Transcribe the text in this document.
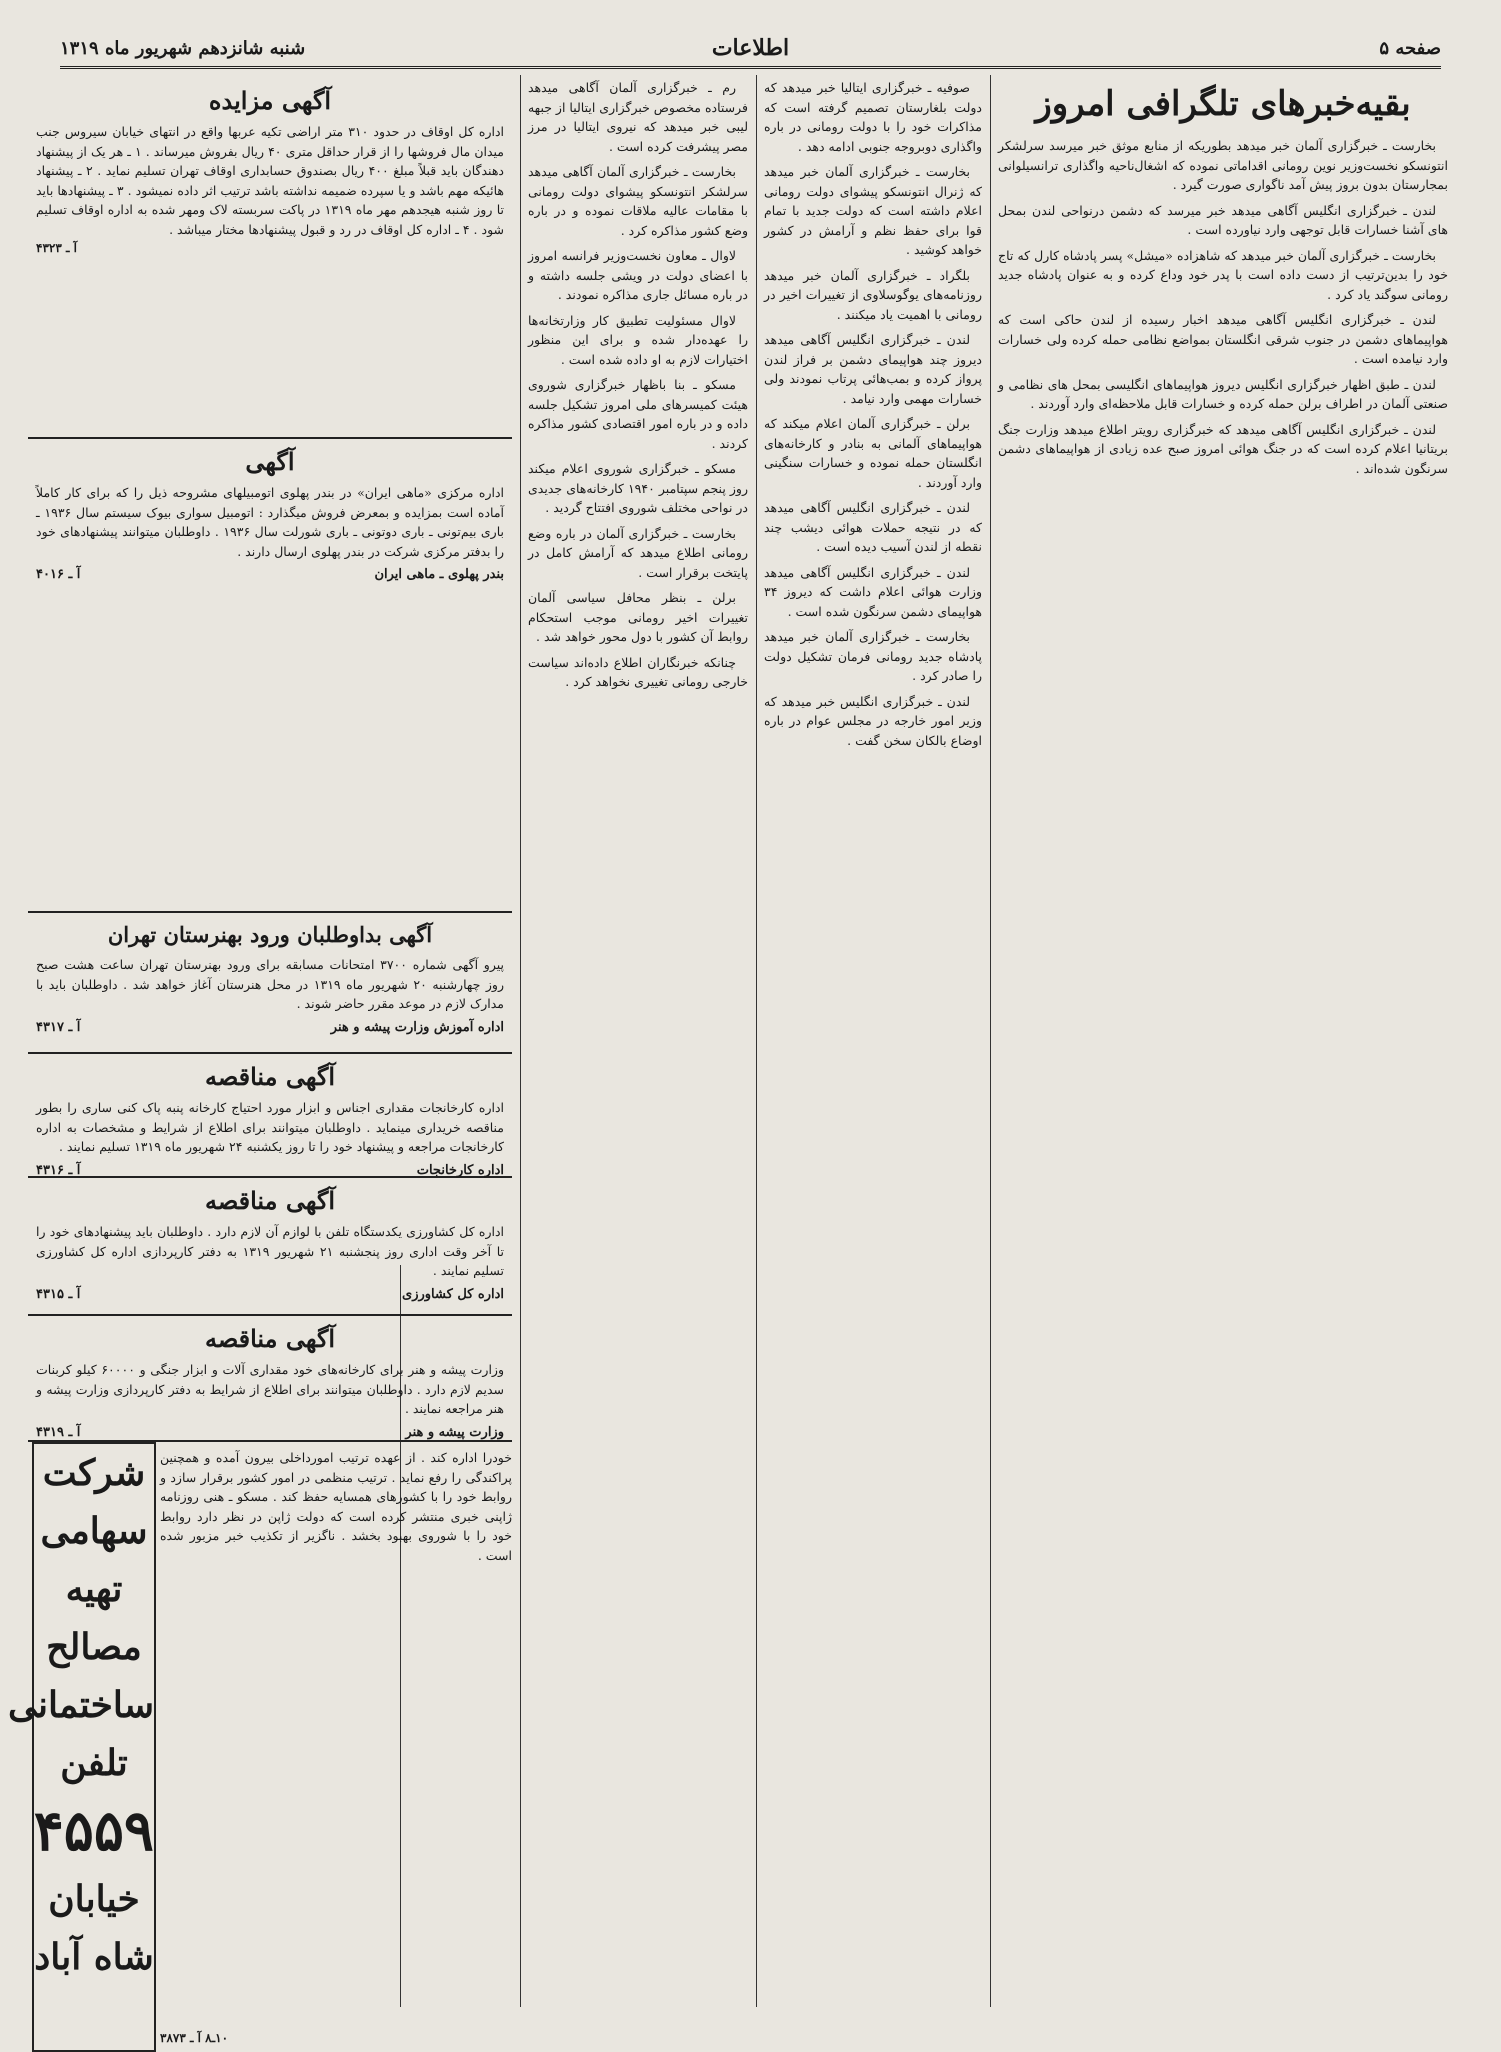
صفحه ۵
اطلاعات
شنبه شانزدهم شهریور ماه ۱۳۱۹
بقیه‌خبرهای تلگرافی امروز

بخارست ـ خبرگزاری آلمان خبر میدهد بطوریکه از منابع موثق خبر میرسد سرلشکر انتونسکو نخست‌وزیر نوین رومانی اقداماتی نموده که اشغال‌ناحیه واگذاری ترانسیلوانی بمجارستان بدون بروز پیش آمد ناگواری صورت گیرد .

لندن ـ خبرگزاری انگلیس آگاهی میدهد خبر میرسد که دشمن درنواحی لندن بمحل های آشنا خسارات قابل توجهی وارد نیاورده است .

بخارست ـ خبرگزاری آلمان خبر میدهد که شاهزاده «میشل» پسر پادشاه کارل که تاج خود را بدین‌ترتیب از دست داده است با پدر خود وداع کرده و به عنوان پادشاه جدید رومانی سوگند یاد کرد .

لندن ـ خبرگزاری انگلیس آگاهی میدهد اخبار رسیده از لندن حاکی است که هواپیماهای دشمن در جنوب شرقی انگلستان بمواضع نظامی حمله کرده ولی خسارات وارد نیامده است .

لندن ـ طبق اظهار خبرگزاری انگلیس دیروز هواپیماهای انگلیسی بمحل های نظامی و صنعتی آلمان در اطراف برلن حمله کرده و خسارات قابل ملاحظه‌ای وارد آوردند .

لندن ـ خبرگزاری انگلیس آگاهی میدهد که خبرگزاری رویتر اطلاع میدهد وزارت جنگ بریتانیا اعلام کرده است که در جنگ هوائی امروز صبح عده زیادی از هواپیماهای دشمن سرنگون شده‌اند .

صوفیه ـ خبرگزاری ایتالیا خبر میدهد که دولت بلغارستان تصمیم گرفته است که مذاکرات خود را با دولت رومانی در باره واگذاری دوبروجه جنوبی ادامه دهد .

بخارست ـ خبرگزاری آلمان خبر میدهد که ژنرال انتونسکو پیشوای دولت رومانی اعلام داشته است که دولت جدید با تمام قوا برای حفظ نظم و آرامش در کشور خواهد کوشید .

بلگراد ـ خبرگزاری آلمان خبر میدهد روزنامه‌های یوگوسلاوی از تغییرات اخیر در رومانی با اهمیت یاد میکنند .

لندن ـ خبرگزاری انگلیس آگاهی میدهد دیروز چند هواپیمای دشمن بر فراز لندن پرواز کرده و بمب‌هائی پرتاب نمودند ولی خسارات مهمی وارد نیامد .

برلن ـ خبرگزاری آلمان اعلام میکند که هواپیماهای آلمانی به بنادر و کارخانه‌های انگلستان حمله نموده و خسارات سنگینی وارد آوردند .

لندن ـ خبرگزاری انگلیس آگاهی میدهد که در نتیجه حملات هوائی دیشب چند نقطه از لندن آسیب دیده است .

لندن ـ خبرگزاری انگلیس آگاهی میدهد وزارت هوائی اعلام داشت که دیروز ۳۴ هواپیمای دشمن سرنگون شده است .

بخارست ـ خبرگزاری آلمان خبر میدهد پادشاه جدید رومانی فرمان تشکیل دولت را صادر کرد .

لندن ـ خبرگزاری انگلیس خبر میدهد که وزیر امور خارجه در مجلس عوام در باره اوضاع بالکان سخن گفت .

رم ـ خبرگزاری آلمان آگاهی میدهد فرستاده مخصوص خبرگزاری ایتالیا از جبهه لیبی خبر میدهد که نیروی ایتالیا در مرز مصر پیشرفت کرده است .

بخارست ـ خبرگزاری آلمان آگاهی میدهد سرلشکر انتونسکو پیشوای دولت رومانی با مقامات عالیه ملاقات نموده و در باره وضع کشور مذاکره کرد .

لاوال ـ معاون نخست‌وزیر فرانسه امروز با اعضای دولت در ویشی جلسه داشته و در باره مسائل جاری مذاکره نمودند .

لاوال مسئولیت تطبیق کار وزارتخانه‌ها را عهده‌دار شده و برای این منظور اختیارات لازم به او داده شده است .

مسکو ـ بنا باظهار خبرگزاری شوروی هیئت کمیسرهای ملی امروز تشکیل جلسه داده و در باره امور اقتصادی کشور مذاکره کردند .

مسکو ـ خبرگزاری شوروی اعلام میکند روز پنجم سپتامبر ۱۹۴۰ کارخانه‌های جدیدی در نواحی مختلف شوروی افتتاح گردید .

بخارست ـ خبرگزاری آلمان در باره وضع رومانی اطلاع میدهد که آرامش کامل در پایتخت برقرار است .

برلن ـ بنظر محافل سیاسی آلمان تغییرات اخیر رومانی موجب استحکام روابط آن کشور با دول محور خواهد شد .

چنانکه خبرنگاران اطلاع داده‌اند سیاست خارجی رومانی تغییری نخواهد کرد .

آگهی مزایده
اداره کل اوقاف در حدود ۳۱۰ متر اراضی تکیه عربها واقع در انتهای خیابان سیروس جنب میدان مال فروشها را از قرار حداقل متری ۴۰ ریال بفروش میرساند . ۱ ـ هر یک از پیشنهاد دهندگان باید قبلاً مبلغ ۴۰۰ ریال بصندوق حسابداری اوقاف تهران تسلیم نماید . ۲ ـ پیشنهاد هائیکه مهم باشد و یا سپرده ضمیمه نداشته باشد ترتیب اثر داده نمیشود . ۳ ـ پیشنهادها باید تا روز شنبه هیجدهم مهر ماه ۱۳۱۹ در پاکت سربسته لاک ومهر شده به اداره اوقاف تسلیم شود . ۴ ـ اداره کل اوقاف در رد و قبول پیشنهادها مختار میباشد .
آ ـ ۴۳۲۳
آگهی
اداره مرکزی «ماهی ایران» در بندر پهلوی اتومبیلهای مشروحه ذیل را که برای کار کاملاً آماده است بمزایده و بمعرض فروش میگذارد : اتومبیل سواری بیوک سیستم سال ۱۹۳۶ ـ باری بیم‌تونی ـ باری دوتونی ـ باری شورلت سال ۱۹۳۶ . داوطلبان میتوانند پیشنهادهای خود را بدفتر مرکزی شرکت در بندر پهلوی ارسال دارند .
بندر پهلوی ـ ماهی ایران
آ ـ ۴۰۱۶
آگهی بداوطلبان ورود بهنرستان تهران
پیرو آگهی شماره ۳۷۰۰ امتحانات مسابقه برای ورود بهنرستان تهران ساعت هشت صبح روز چهارشنبه ۲۰ شهریور ماه ۱۳۱۹ در محل هنرستان آغاز خواهد شد . داوطلبان باید با مدارک لازم در موعد مقرر حاضر شوند .
اداره آموزش وزارت پیشه و هنر
آ ـ ۴۳۱۷
آگهی مناقصه
اداره کارخانجات مقداری اجناس و ابزار مورد احتیاج کارخانه پنبه پاک کنی ساری را بطور مناقصه خریداری مینماید . داوطلبان میتوانند برای اطلاع از شرایط و مشخصات به اداره کارخانجات مراجعه و پیشنهاد خود را تا روز یکشنبه ۲۴ شهریور ماه ۱۳۱۹ تسلیم نمایند .
اداره کارخانجات
آ ـ ۴۳۱۶
آگهی مناقصه
اداره کل کشاورزی یکدستگاه تلفن با لوازم آن لازم دارد . داوطلبان باید پیشنهادهای خود را تا آخر وقت اداری روز پنجشنبه ۲۱ شهریور ۱۳۱۹ به دفتر کارپردازی اداره کل کشاورزی تسلیم نمایند .
اداره کل کشاورزی
آ ـ ۴۳۱۵
آگهی مناقصه
وزارت پیشه و هنر برای کارخانه‌های خود مقداری آلات و ابزار جنگی و ۶۰۰۰۰ کیلو کربنات سدیم لازم دارد . داوطلبان میتوانند برای اطلاع از شرایط به دفتر کارپردازی وزارت پیشه و هنر مراجعه نمایند .
وزارت پیشه و هنر
آ ـ ۴۳۱۹
شرکت
سهامی
تهیه
مصالح
ساختمانی
تلفن
۴۵۵۹
خیابان
شاه آباد
خودرا اداره کند . از عهده ترتیب امورداخلی بیرون آمده و همچنین پراکندگی را رفع نماید . ترتیب منظمی در امور کشور برقرار سازد و روابط خود را با کشورهای همسایه حفظ کند . مسکو ـ هنی روزنامه ژاپنی خبری منتشر کرده است که دولت ژاپن در نظر دارد روابط خود را با شوروی بهبود بخشد . ناگزیر از تکذیب خبر مزبور شده است .
۱۰ـ۸ آ ـ ۳۸۷۳
